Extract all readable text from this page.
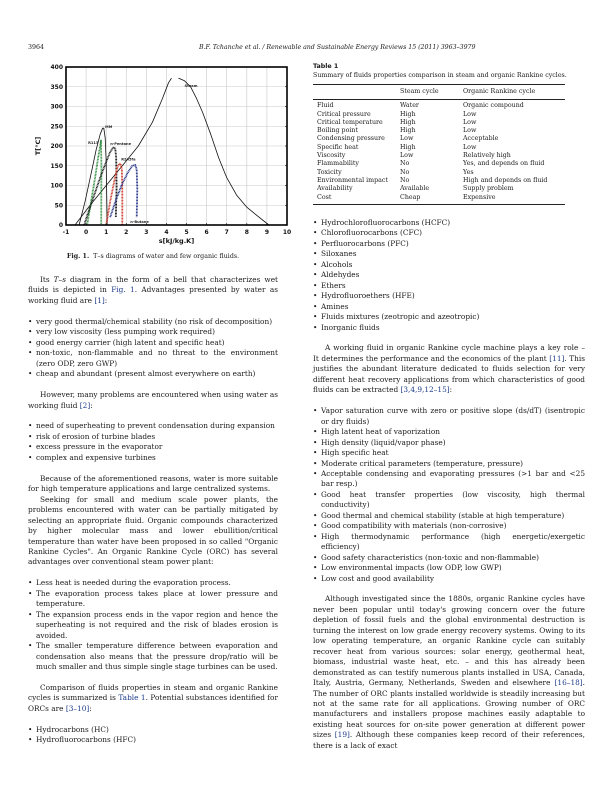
3964	B.F. Tchanche et al. / Renewable and Sustainable Energy Reviews 15 (2011) 3963–3979
-1 0	1	2	3	4	5	6	7	8	9 10
0
50
100
150
200
250
300
350
400
Steam
MM
R113	n-Pentane
R245fa
n-Butane
s[kJ/kg.K]
T[°C]
Fig. 1. T–s diagrams of water and few organic fluids.

Its T–s diagram in the form of a bell that characterizes wet fluids is depicted in Fig. 1. Advantages presented by water as working fluid are [1]:

• very good thermal/chemical stability (no risk of decomposition)
• very low viscosity (less pumping work required)
• good energy carrier (high latent and specific heat)
• non-toxic, non-flammable and no threat to the environment (zero ODP, zero GWP)
• cheap and abundant (present almost everywhere on earth)

However, many problems are encountered when using water as working fluid [2]:

• need of superheating to prevent condensation during expansion
• risk of erosion of turbine blades
• excess pressure in the evaporator
• complex and expensive turbines

Because of the aforementioned reasons, water is more suitable for high temperature applications and large centralized systems.

Seeking for small and medium scale power plants, the problems encountered with water can be partially mitigated by selecting an appropriate fluid. Organic compounds characterized by higher molecular mass and lower ebullition/critical temperature than water have been proposed in so called "Organic Rankine Cycles". An Organic Rankine Cycle (ORC) has several advantages over conventional steam power plant:

• Less heat is needed during the evaporation process.
• The evaporation process takes place at lower pressure and temperature.
• The expansion process ends in the vapor region and hence the superheating is not required and the risk of blades erosion is avoided.
• The smaller temperature difference between evaporation and condensation also means that the pressure drop/ratio will be much smaller and thus simple single stage turbines can be used.

Comparison of fluids properties in steam and organic Rankine cycles is summarized is Table 1. Potential substances identified for ORCs are [3–10]:

• Hydrocarbons (HC)
• Hydrofluorocarbons (HFC)
Table 1
Summary of fluids properties comparison in steam and organic Rankine cycles.
	Steam cycle	Organic Rankine cycle
Fluid	Water	Organic compound
Critical pressure	High	Low
Critical temperature	High	Low
Boiling point	High	Low
Condensing pressure	Low	Acceptable
Specific heat	High	Low
Viscosity	Low	Relatively high
Flammability	No	Yes, and depends on fluid
Toxicity	No	Yes
Environmental impact	No	High and depends on fluid
Availability	Available	Supply problem
Cost	Cheap	Expensive
• Hydrochlorofluorocarbons (HCFC)
• Chlorofluorocarbons (CFC)
• Perfluorocarbons (PFC)
• Siloxanes
• Alcohols
• Aldehydes
• Ethers
• Hydrofluoroethers (HFE)
• Amines
• Fluids mixtures (zeotropic and azeotropic)
• Inorganic fluids

A working fluid in organic Rankine cycle machine plays a key role – It determines the performance and the economics of the plant [11]. This justifies the abundant literature dedicated to fluids selection for very different heat recovery applications from which characteristics of good fluids can be extracted [3,4,9,12–15]:

• Vapor saturation curve with zero or positive slope (ds/dT) (isentropic or dry fluids)
• High latent heat of vaporization
• High density (liquid/vapor phase)
• High specific heat
• Moderate critical parameters (temperature, pressure)
• Acceptable condensing and evaporating pressures (>1 bar and <25 bar resp.)
• Good heat transfer properties (low viscosity, high thermal conductivity)
• Good thermal and chemical stability (stable at high temperature)
• Good compatibility with materials (non-corrosive)
• High thermodynamic performance (high energetic/exergetic efficiency)
• Good safety characteristics (non-toxic and non-flammable)
• Low environmental impacts (low ODP, low GWP)
• Low cost and good availability

Although investigated since the 1880s, organic Rankine cycles have never been popular until today's growing concern over the future depletion of fossil fuels and the global environmental destruction is turning the interest on low grade energy recovery systems. Owing to its low operating temperature, an organic Rankine cycle can suitably recover heat from various sources: solar energy, geothermal heat, biomass, industrial waste heat, etc. – and this has already been demonstrated as can testify numerous plants installed in USA, Canada, Italy, Austria, Germany, Netherlands, Sweden and elsewhere [16–18]. The number of ORC plants installed worldwide is steadily increasing but not at the same rate for all applications. Growing number of ORC manufacturers and installers propose machines easily adaptable to existing heat sources for on-site power generation at different power sizes [19]. Although these companies keep record of their references, there is a lack of exact
